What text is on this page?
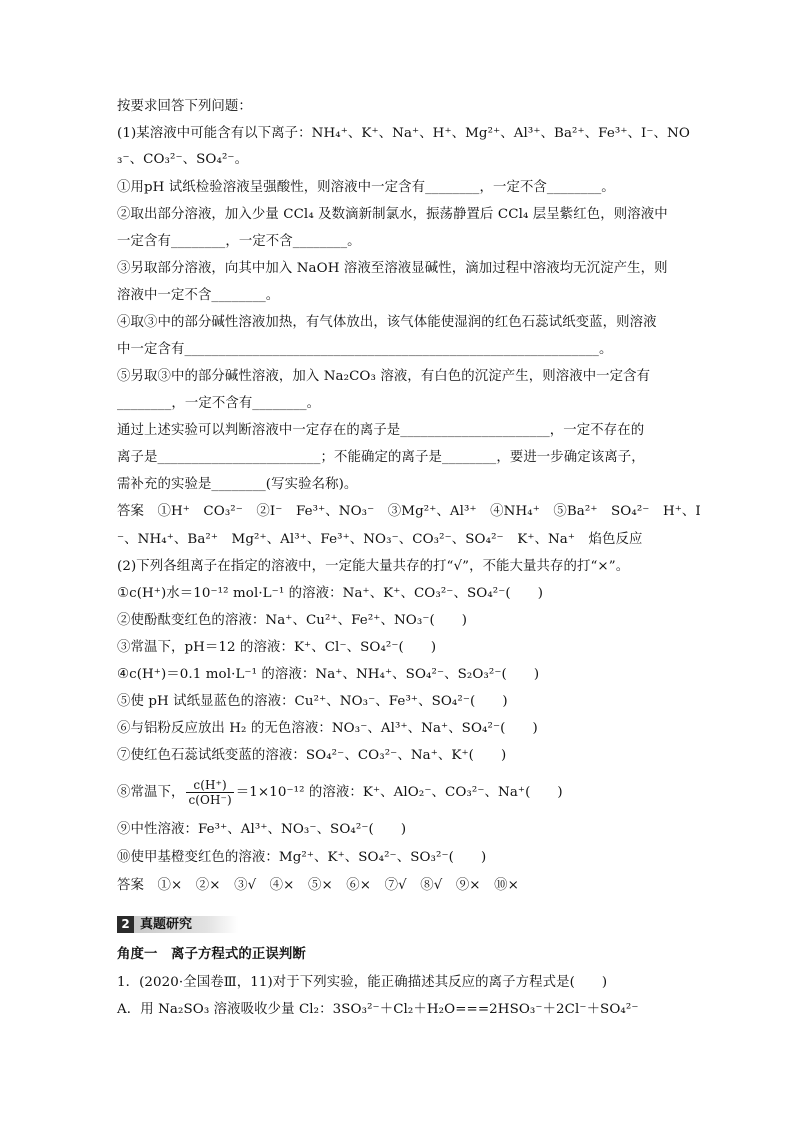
按要求回答下列问题：
(1)某溶液中可能含有以下离子：NH₄⁺、K⁺、Na⁺、H⁺、Mg²⁺、Al³⁺、Ba²⁺、Fe³⁺、I⁻、NO
₃⁻、CO₃²⁻、SO₄²⁻。
①用pH 试纸检验溶液呈强酸性，则溶液中一定含有________，一定不含________。
②取出部分溶液，加入少量 CCl₄ 及数滴新制氯水，振荡静置后 CCl₄ 层呈紫红色，则溶液中
一定含有________，一定不含________。
③另取部分溶液，向其中加入 NaOH 溶液至溶液显碱性，滴加过程中溶液均无沉淀产生，则
溶液中一定不含________。
④取③中的部分碱性溶液加热，有气体放出，该气体能使湿润的红色石蕊试纸变蓝，则溶液
中一定含有_____________________________________________________________。
⑤另取③中的部分碱性溶液，加入 Na₂CO₃ 溶液，有白色的沉淀产生，则溶液中一定含有
________，一定不含有________。
通过上述实验可以判断溶液中一定存在的离子是______________________，一定不存在的
离子是________________________；不能确定的离子是________，要进一步确定该离子，
需补充的实验是________(写实验名称)。
答案　①H⁺　CO₃²⁻　②I⁻　Fe³⁺、NO₃⁻　③Mg²⁺、Al³⁺　④NH₄⁺　⑤Ba²⁺　SO₄²⁻　H⁺、I
⁻、NH₄⁺、Ba²⁺　Mg²⁺、Al³⁺、Fe³⁺、NO₃⁻、CO₃²⁻、SO₄²⁻　K⁺、Na⁺　焰色反应
(2)下列各组离子在指定的溶液中，一定能大量共存的打“√”，不能大量共存的打“×”。
①c(H⁺)水＝10⁻¹² mol·L⁻¹ 的溶液：Na⁺、K⁺、CO₃²⁻、SO₄²⁻(　　)
②使酚酞变红色的溶液：Na⁺、Cu²⁺、Fe²⁺、NO₃⁻(　　)
③常温下，pH＝12 的溶液：K⁺、Cl⁻、SO₄²⁻(　　)
④c(H⁺)＝0.1 mol·L⁻¹ 的溶液：Na⁺、NH₄⁺、SO₄²⁻、S₂O₃²⁻(　　)
⑤使 pH 试纸显蓝色的溶液：Cu²⁺、NO₃⁻、Fe³⁺、SO₄²⁻(　　)
⑥与铝粉反应放出 H₂ 的无色溶液：NO₃⁻、Al³⁺、Na⁺、SO₄²⁻(　　)
⑦使红色石蕊试纸变蓝的溶液：SO₄²⁻、CO₃²⁻、Na⁺、K⁺(　　)
⑧常温下， $\frac{c(H^+)}{c(OH^-)} =1\times 10^{-12}$ 的溶液：K⁺、AlO₂⁻、CO₃²⁻、Na⁺(　　)
⑨中性溶液：Fe³⁺、Al³⁺、NO₃⁻、SO₄²⁻(　　)
⑩使甲基橙变红色的溶液：Mg²⁺、K⁺、SO₄²⁻、SO₃²⁻(　　)
答案　①×　②×　③√　④×　⑤×　⑥×　⑦√　⑧√　⑨×　⑩×
2 真题研究
角度一　离子方程式的正误判断
1．(2020·全国卷Ⅲ，11)对于下列实验，能正确描述其反应的离子方程式是(　　)
A．用 Na₂SO₃ 溶液吸收少量 Cl₂：3SO₃²⁻＋Cl₂＋H₂O===2HSO₃⁻＋2Cl⁻＋SO₄²⁻
